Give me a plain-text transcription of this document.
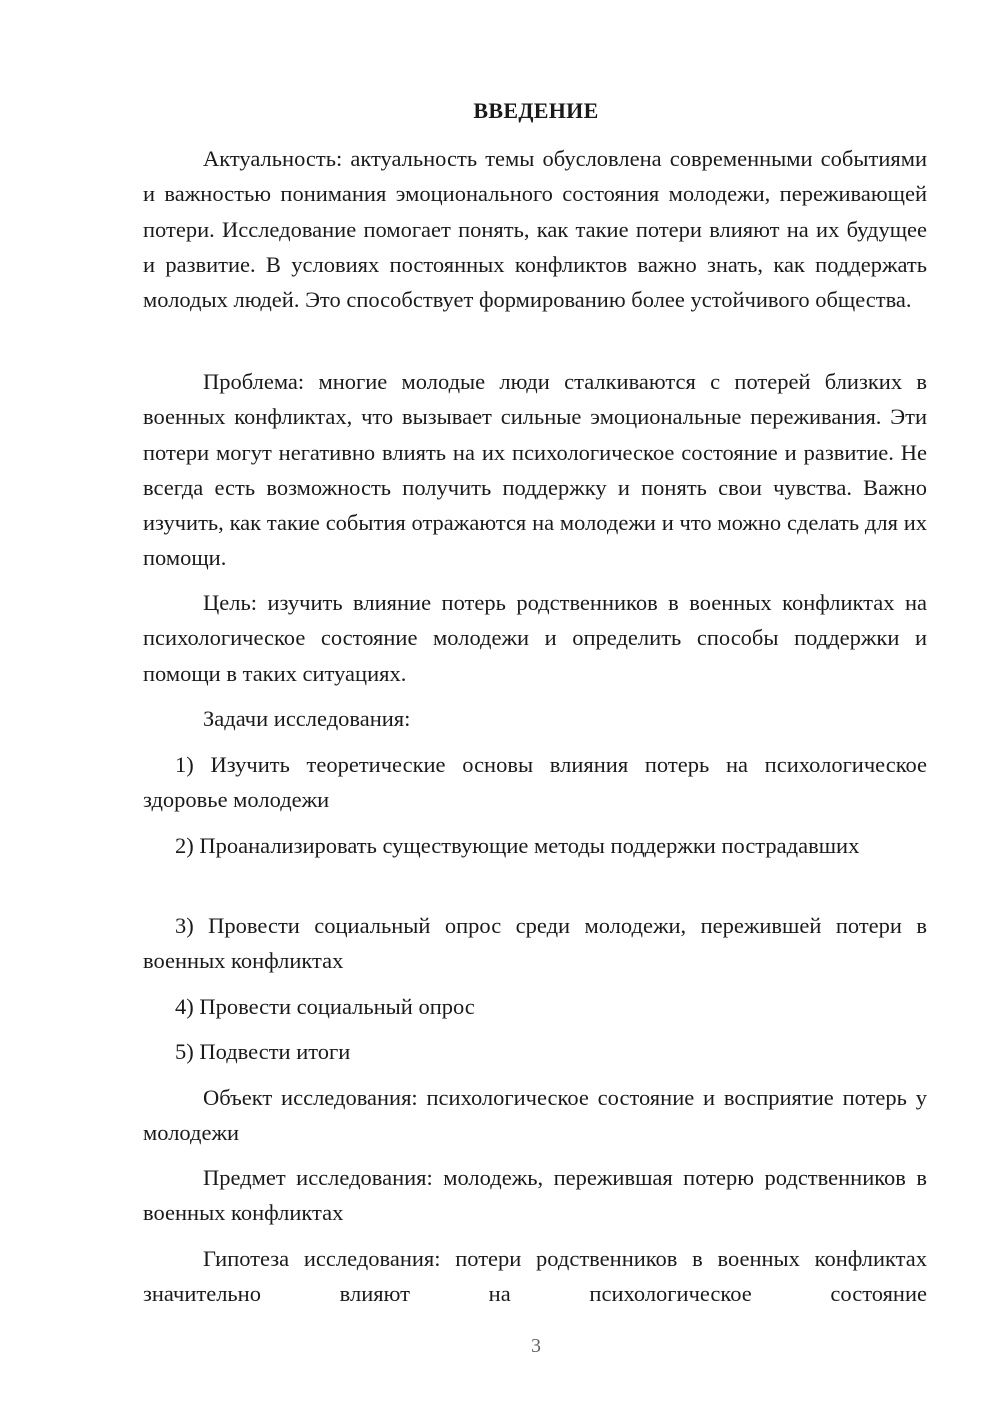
ВВЕДЕНИЕ

Актуальность: актуальность темы обусловлена современными событиями и важностью понимания эмоционального состояния молодежи, переживающей потери. Исследование помогает понять, как такие потери влияют на их будущее и развитие. В условиях постоянных конфликтов важно знать, как поддержать молодых людей. Это способствует формированию более устойчивого общества.

Проблема: многие молодые люди сталкиваются с потерей близких в военных конфликтах, что вызывает сильные эмоциональные переживания. Эти потери могут негативно влиять на их психологическое состояние и развитие. Не всегда есть возможность получить поддержку и понять свои чувства. Важно изучить, как такие события отражаются на молодежи и что можно сделать для их помощи.

Цель: изучить влияние потерь родственников в военных конфликтах на психологическое состояние молодежи и определить способы поддержки и помощи в таких ситуациях.

Задачи исследования:

1) Изучить теоретические основы влияния потерь на психологическое здоровье молодежи

2) Проанализировать существующие методы поддержки пострадавших

3) Провести социальный опрос среди молодежи, пережившей потери в военных конфликтах

4) Провести социальный опрос

5) Подвести итоги

Объект исследования: психологическое состояние и восприятие потерь у молодежи

Предмет исследования: молодежь, пережившая потерю родственников в военных конфликтах

Гипотеза исследования: потери родственников в военных конфликтах значительно влияют на психологическое состояние

3
